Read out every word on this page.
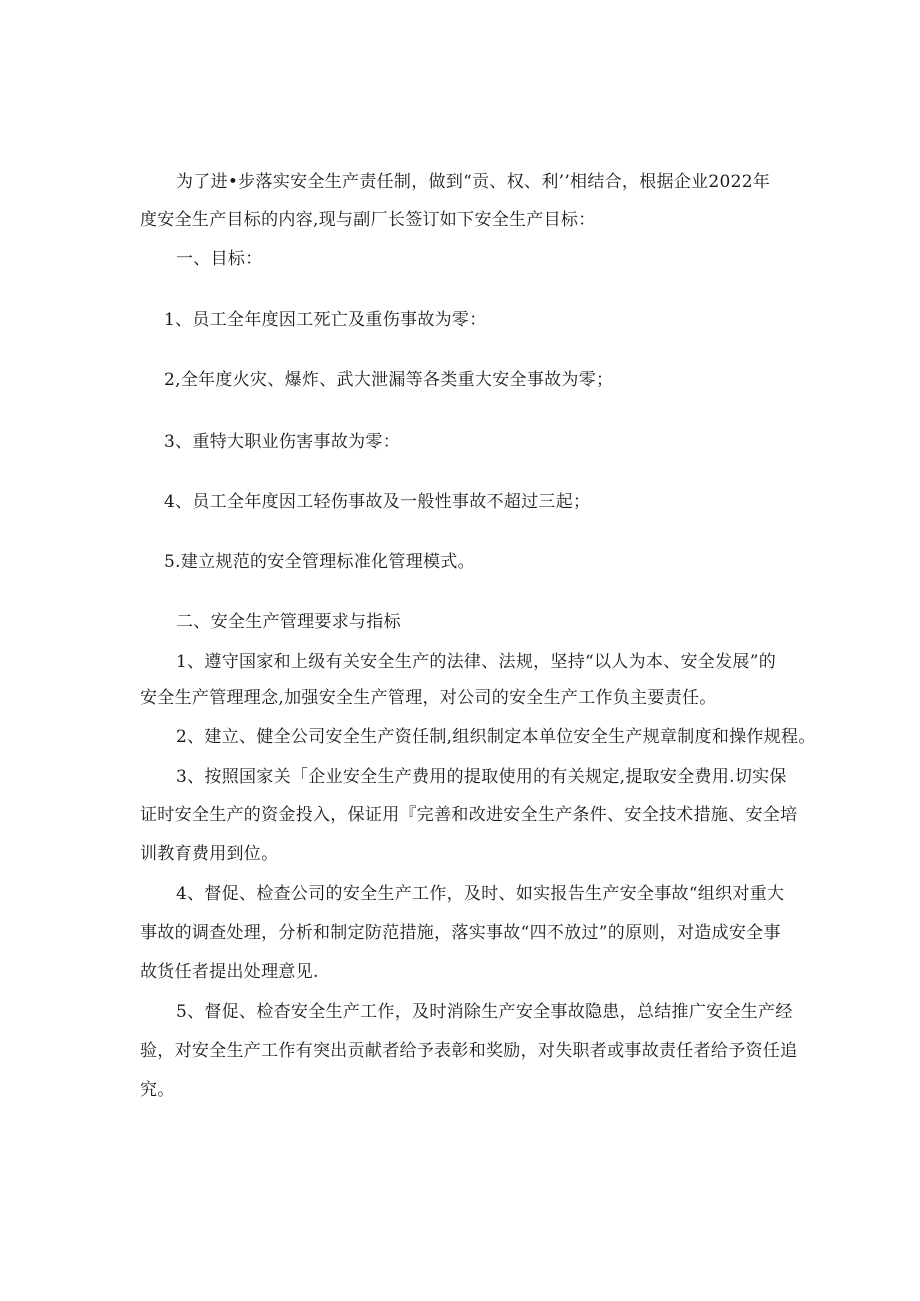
为了进•步落实安全生产责任制，做到“贡、权、利’’相结合，根据企业2022年

度安全生产目标的内容,现与副厂长签订如下安全生产目标：

一、目标：

1、员工全年度因工死亡及重伤事故为零：

2,全年度火灾、爆炸、武大泄漏等各类重大安全事故为零；

3、重特大职业伤害事故为零：

4、员工全年度因工轻伤事故及一般性事故不超过三起；

5.建立规范的安全管理标准化管理模式。

二、安全生产管理要求与指标

1、遵守国家和上级有关安全生产的法律、法规，坚持“以人为本、安全发展”的

安全生产管理理念,加强安全生产管理，对公司的安全生产工作负主要责任。

2、建立、健全公司安全生产资任制,组织制定本单位安全生产规章制度和操作规程。

3、按照国家关「企业安全生产费用的提取使用的有关规定,提取安全费用.切实保

证时安全生产的资金投入，保证用『完善和改进安全生产条件、安全技术措施、安全培

训教育费用到位。

4、督促、检查公司的安全生产工作，及时、如实报告生产安全事故“组织对重大

事故的调查处理，分析和制定防范措施，落实事故“四不放过”的原则，对造成安全事

故货任者提出处理意见.

5、督促、检杳安全生产工作，及时消除生产安全事故隐患，总结推广安全生产经

验，对安全生产工作有突出贡献者给予表彰和奖励，对失职者或事故责任者给予资任追

究。
